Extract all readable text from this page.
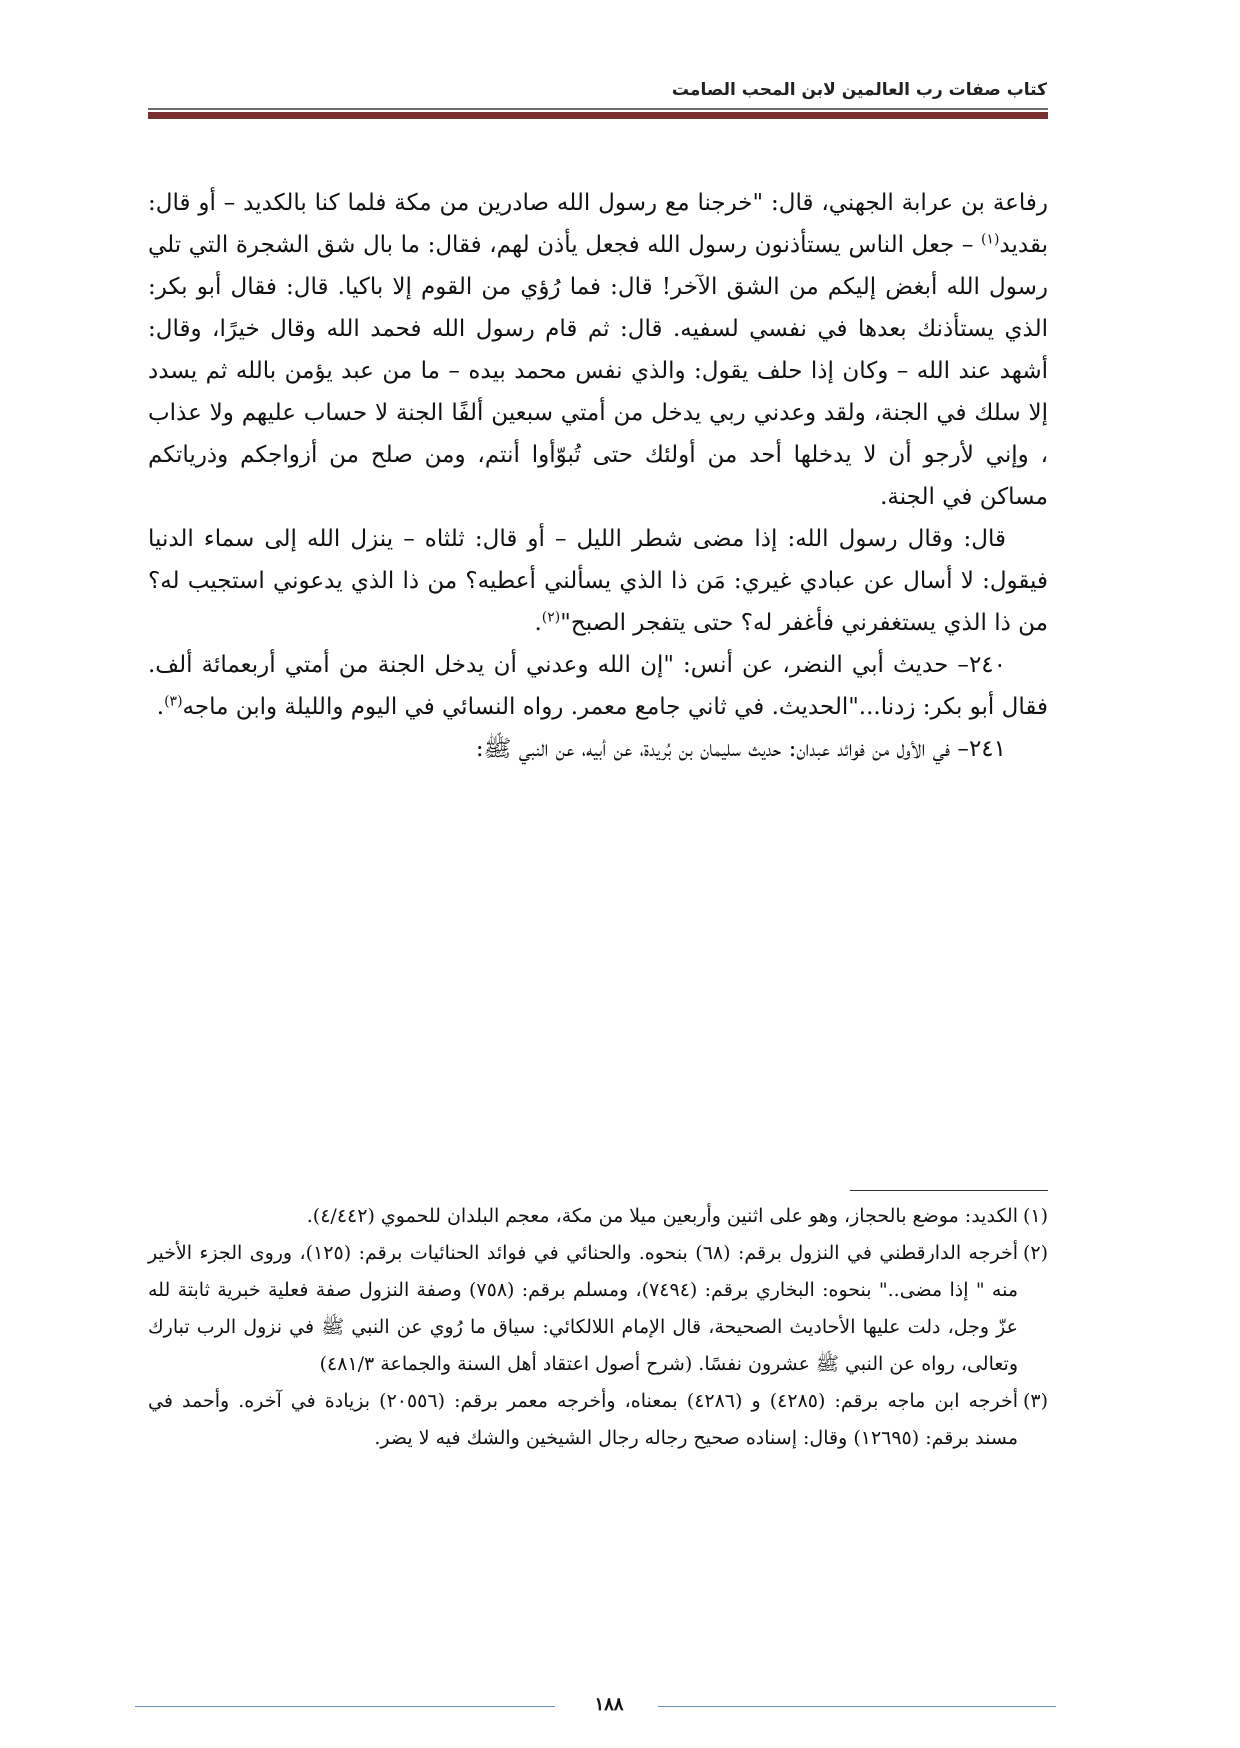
كتاب صفات رب العالمين لابن المحب الصامت

رفاعة بن عرابة الجهني، قال: "خرجنا مع رسول الله صادرين من مكة فلما كنا بالكديد – أو قال: بقديد$^{(١)}$ – جعل الناس يستأذنون رسول الله فجعل يأذن لهم، فقال: ما بال شق الشجرة التي تلي رسول الله أبغض إليكم من الشق الآخر! قال: فما رُؤي من القوم إلا باكيا. قال: فقال أبو بكر: الذي يستأذنك بعدها في نفسي لسفيه. قال: ثم قام رسول الله فحمد الله وقال خيرًا، وقال: أشهد عند الله – وكان إذا حلف يقول: والذي نفس محمد بيده – ما من عبد يؤمن بالله ثم يسدد إلا سلك في الجنة، ولقد وعدني ربي يدخل من أمتي سبعين ألفًا الجنة لا حساب عليهم ولا عذاب ، وإني لأرجو أن لا يدخلها أحد من أولئك حتى تُبوّأوا أنتم، ومن صلح من أزواجكم وذرياتكم مساكن في الجنة.

قال: وقال رسول الله: إذا مضى شطر الليل – أو قال: ثلثاه – ينزل الله إلى سماء الدنيا فيقول: لا أسال عن عبادي غيري: مَن ذا الذي يسألني أعطيه؟ من ذا الذي يدعوني استجيب له؟ من ذا الذي يستغفرني فأغفر له؟ حتى يتفجر الصبح"$^{(٢)}$.

٢٤٠– حديث أبي النضر، عن أنس: "إن الله وعدني أن يدخل الجنة من أمتي أربعمائة ألف. فقال أبو بكر: زدنا..."الحديث. في ثاني جامع معمر. رواه النسائي في اليوم والليلة وابن ماجه$^{(٣)}$.

٢٤١– في الأول من فوائد عبدان: حديث سليمان بن بُريدة، عن أبيه، عن النبي ﷺ:

(١)الكديد: موضع بالحجاز، وهو على اثنين وأربعين ميلا من مكة، معجم البلدان للحموي (٤/٤٤٢).

(٢)أخرجه الدارقطني في النزول برقم: (٦٨) بنحوه. والحنائي في فوائد الحنائيات برقم: (١٢٥)، وروى الجزء الأخير منه " إذا مضى.." بنحوه: البخاري برقم: (٧٤٩٤)، ومسلم برقم: (٧٥٨) وصفة النزول صفة فعلية خبرية ثابتة لله عزّ وجل، دلت عليها الأحاديث الصحيحة، قال الإمام اللالكائي: سياق ما رُوي عن النبي ﷺ في نزول الرب تبارك وتعالى، رواه عن النبي ﷺ عشرون نفسًا. (شرح أصول اعتقاد أهل السنة والجماعة ٤٨١/٣)

(٣)أخرجه ابن ماجه برقم: (٤٢٨٥) و (٤٢٨٦) بمعناه، وأخرجه معمر برقم: (٢٠٥٥٦) بزيادة في آخره. وأحمد في مسند برقم: (١٢٦٩٥) وقال: إسناده صحيح رجاله رجال الشيخين والشك فيه لا يضر.

١٨٨
